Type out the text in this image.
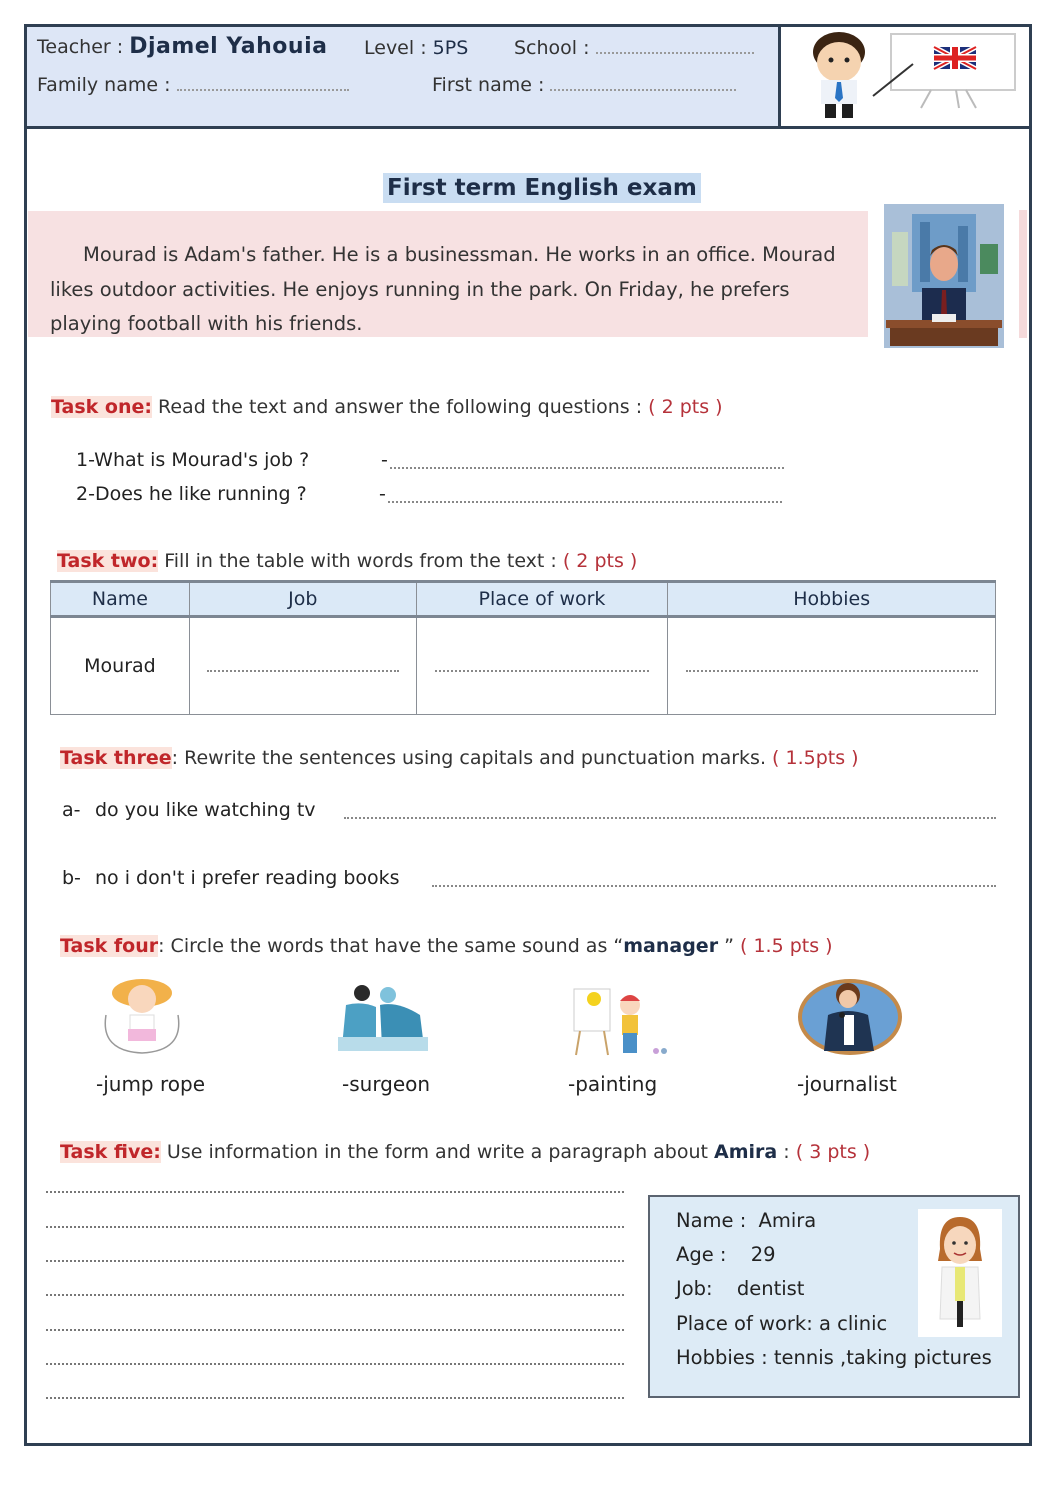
Teacher : Djamel Yahouia Level : 5PS School :
Family name :	First name :
First term English exam
Mourad is Adam's father. He is a businessman. He works in an office. Mourad likes outdoor activities. He enjoys running in the park. On Friday, he prefers playing football with his friends.
Task one: Read the text and answer the following questions : ( 2 pts )
1-What is Mourad's job ?	-
2-Does he like running ?	-
Task two: Fill in the table with words from the text : ( 2 pts )
Name	Job	Place of work	Hobbies
Mourad			
Task three: Rewrite the sentences using capitals and punctuation marks. ( 1.5pts )
a- do you like watching tv
b- no i don't i prefer reading books
Task four: Circle the words that have the same sound as “manager ” ( 1.5 pts )
-jump rope	-surgeon	-painting	-journalist
Task five: Use information in the form and write a paragraph about Amira : ( 3 pts )
Name : Amira
Age : 29
Job: dentist
Place of work: a clinic
Hobbies : tennis ,taking pictures
